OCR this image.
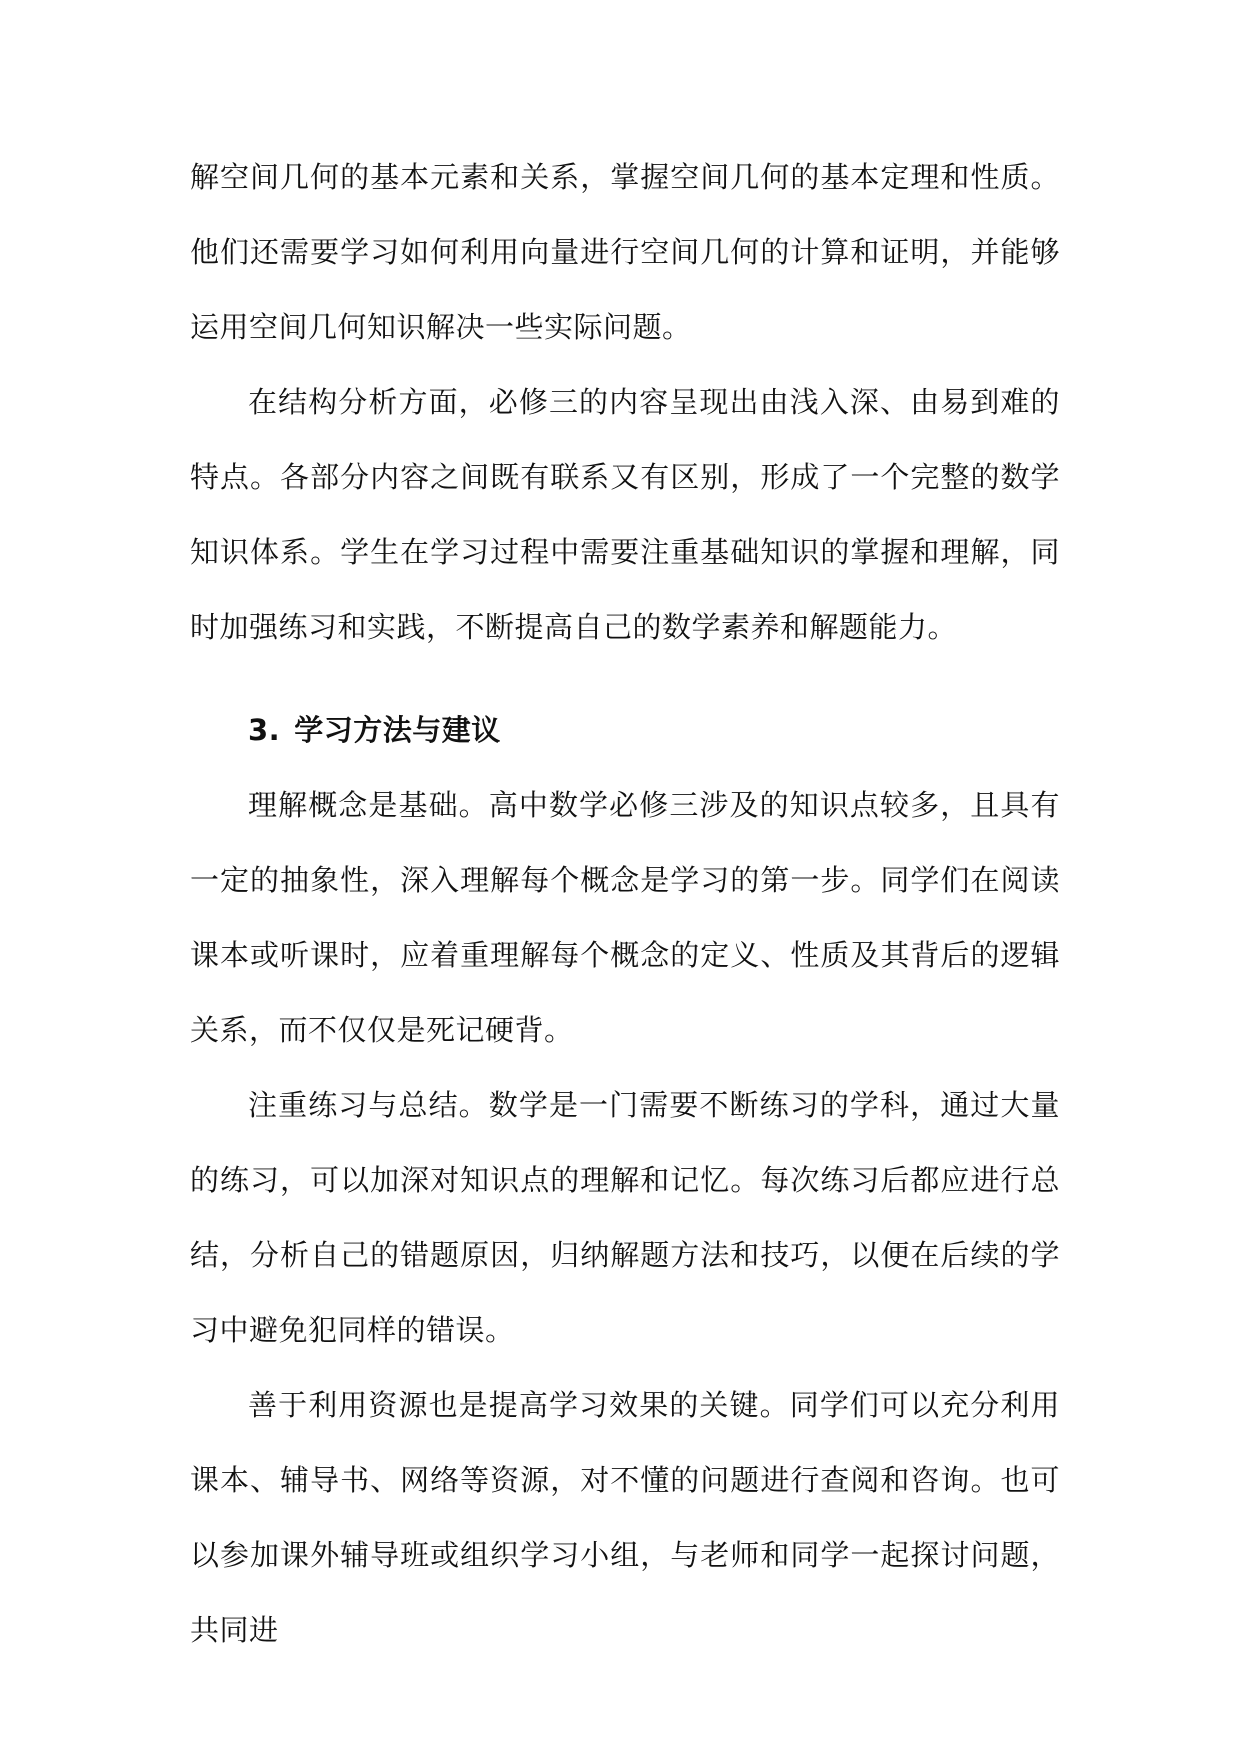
解空间几何的基本元素和关系，掌握空间几何的基本定理和性质。他们还需要学习如何利用向量进行空间几何的计算和证明，并能够运用空间几何知识解决一些实际问题。

在结构分析方面，必修三的内容呈现出由浅入深、由易到难的特点。各部分内容之间既有联系又有区别，形成了一个完整的数学知识体系。学生在学习过程中需要注重基础知识的掌握和理解，同时加强练习和实践，不断提高自己的数学素养和解题能力。

3. 学习方法与建议

理解概念是基础。高中数学必修三涉及的知识点较多，且具有一定的抽象性，深入理解每个概念是学习的第一步。同学们在阅读课本或听课时，应着重理解每个概念的定义、性质及其背后的逻辑关系，而不仅仅是死记硬背。

注重练习与总结。数学是一门需要不断练习的学科，通过大量的练习，可以加深对知识点的理解和记忆。每次练习后都应进行总结，分析自己的错题原因，归纳解题方法和技巧，以便在后续的学习中避免犯同样的错误。

善于利用资源也是提高学习效果的关键。同学们可以充分利用课本、辅导书、网络等资源，对不懂的问题进行查阅和咨询。也可以参加课外辅导班或组织学习小组，与老师和同学一起探讨问题，共同进
